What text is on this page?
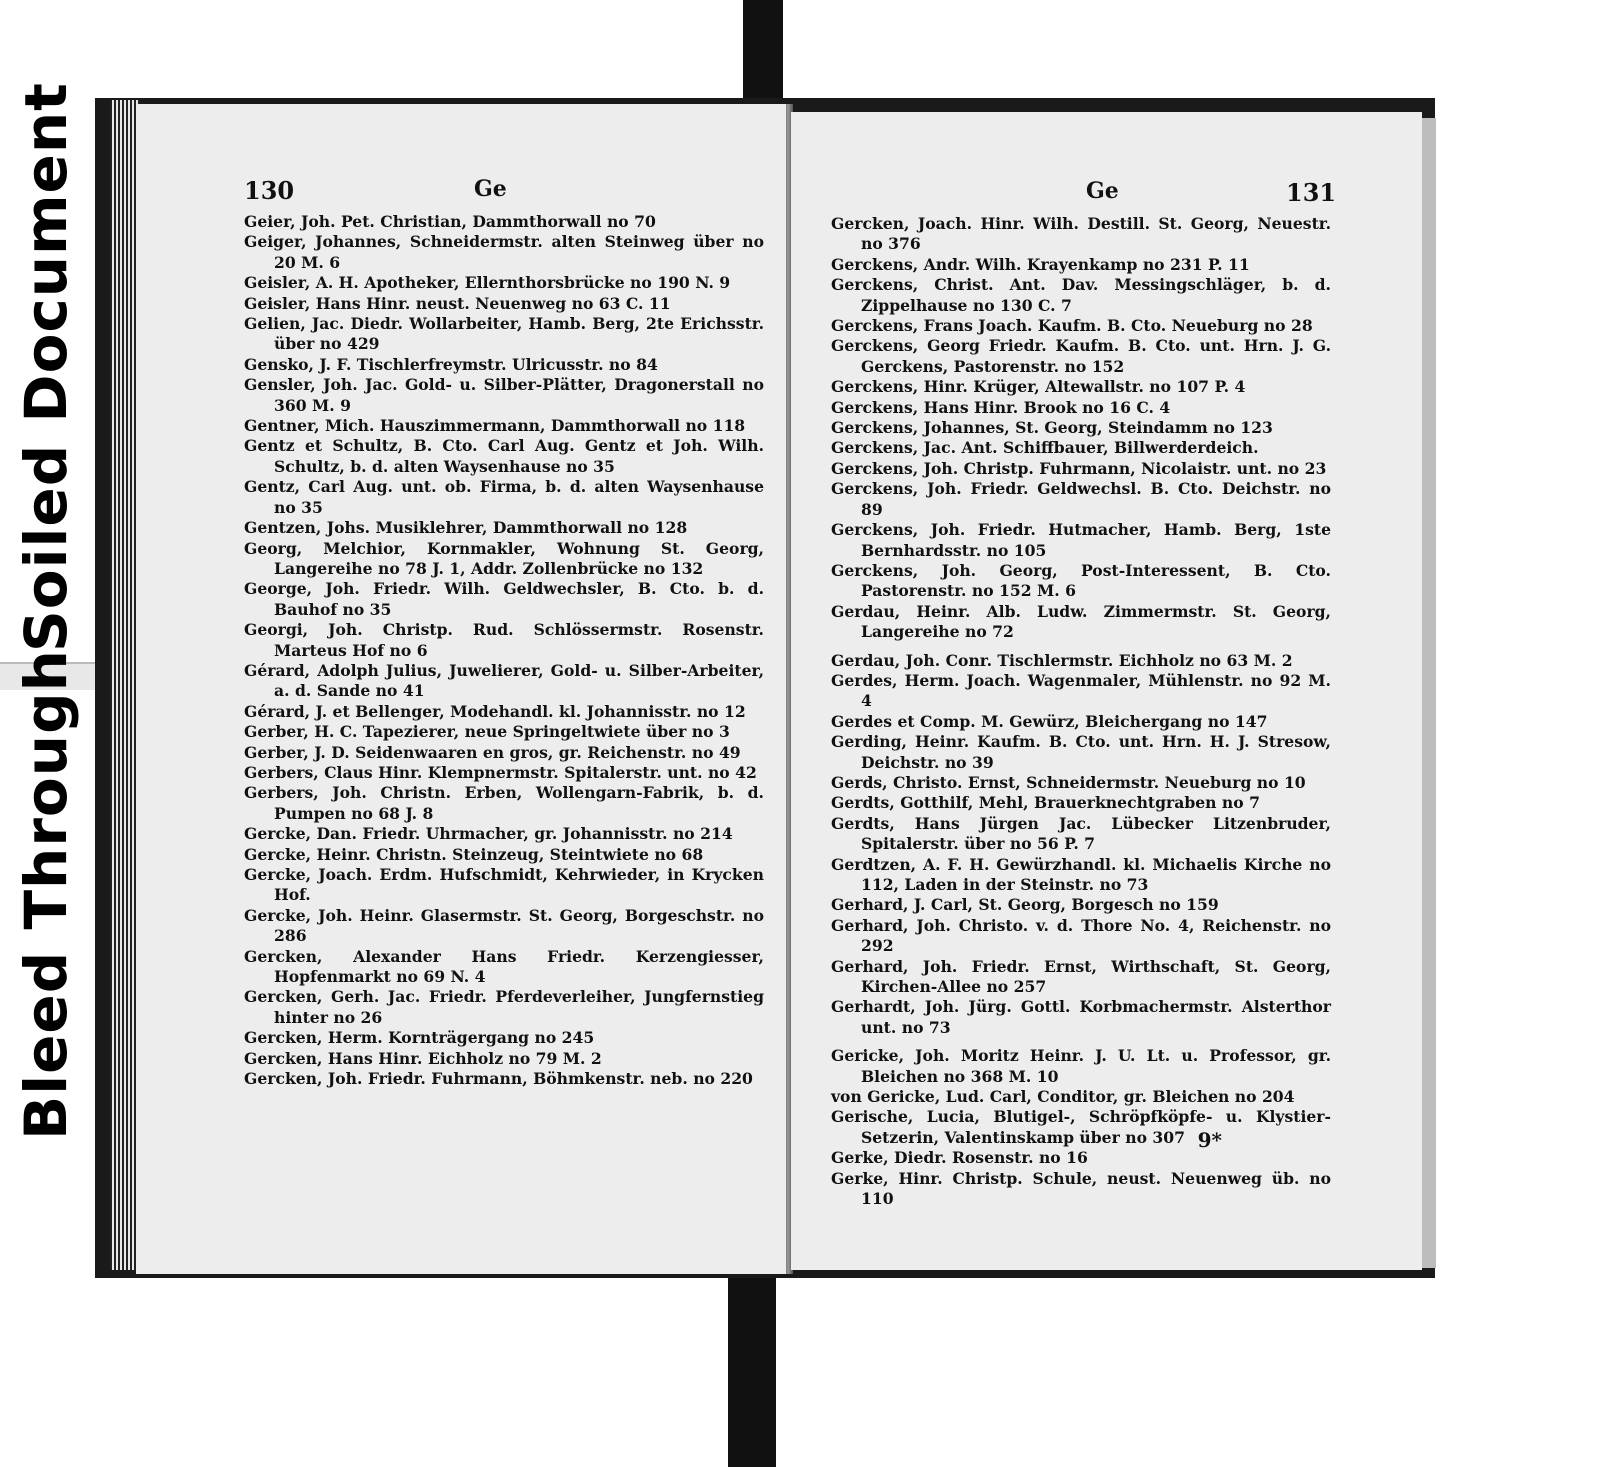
Soiled Document
Bleed Through
130	Ge
Geier, Joh. Pet. Christian, Dammthorwall no 70
Geiger, Johannes, Schneidermstr. alten Steinweg über no 20 M. 6
Geisler, A. H. Apotheker, Ellernthorsbrücke no 190 N. 9
Geisler, Hans Hinr. neust. Neuenweg no 63 C. 11
Gelien, Jac. Diedr. Wollarbeiter, Hamb. Berg, 2te Erichsstr. über no 429
Gensko, J. F. Tischlerfreymstr. Ulricusstr. no 84
Gensler, Joh. Jac. Gold- u. Silber-Plätter, Dragonerstall no 360 M. 9
Gentner, Mich. Hauszimmermann, Dammthorwall no 118
Gentz et Schultz, B. Cto. Carl Aug. Gentz et Joh. Wilh. Schultz, b. d. alten Waysenhause no 35
Gentz, Carl Aug. unt. ob. Firma, b. d. alten Waysenhause no 35
Gentzen, Johs. Musiklehrer, Dammthorwall no 128
Georg, Melchior, Kornmakler, Wohnung St. Georg, Langereihe no 78 J. 1, Addr. Zollenbrücke no 132
George, Joh. Friedr. Wilh. Geldwechsler, B. Cto. b. d. Bauhof no 35
Georgi, Joh. Christp. Rud. Schlössermstr. Rosenstr. Marteus Hof no 6
Gérard, Adolph Julius, Juwelierer, Gold- u. Silber-Arbeiter, a. d. Sande no 41
Gérard, J. et Bellenger, Modehandl. kl. Johannisstr. no 12
Gerber, H. C. Tapezierer, neue Springeltwiete über no 3
Gerber, J. D. Seidenwaaren en gros, gr. Reichenstr. no 49
Gerbers, Claus Hinr. Klempnermstr. Spitalerstr. unt. no 42
Gerbers, Joh. Christn. Erben, Wollengarn-Fabrik, b. d. Pumpen no 68 J. 8
Gercke, Dan. Friedr. Uhrmacher, gr. Johannisstr. no 214
Gercke, Heinr. Christn. Steinzeug, Steintwiete no 68
Gercke, Joach. Erdm. Hufschmidt, Kehrwieder, in Krycken Hof.
Gercke, Joh. Heinr. Glasermstr. St. Georg, Borgeschstr. no 286
Gercken, Alexander Hans Friedr. Kerzengiesser, Hopfenmarkt no 69 N. 4
Gercken, Gerh. Jac. Friedr. Pferdeverleiher, Jungfernstieg hinter no 26
Gercken, Herm. Kornträgergang no 245
Gercken, Hans Hinr. Eichholz no 79 M. 2
Gercken, Joh. Friedr. Fuhrmann, Böhmkenstr. neb. no 220
Ge	131
Gercken, Joach. Hinr. Wilh. Destill. St. Georg, Neuestr. no 376
Gerckens, Andr. Wilh. Krayenkamp no 231 P. 11
Gerckens, Christ. Ant. Dav. Messingschläger, b. d. Zippelhause no 130 C. 7
Gerckens, Frans Joach. Kaufm. B. Cto. Neueburg no 28
Gerckens, Georg Friedr. Kaufm. B. Cto. unt. Hrn. J. G. Gerckens, Pastorenstr. no 152
Gerckens, Hinr. Krüger, Altewallstr. no 107 P. 4
Gerckens, Hans Hinr. Brook no 16 C. 4
Gerckens, Johannes, St. Georg, Steindamm no 123
Gerckens, Jac. Ant. Schiffbauer, Billwerderdeich.
Gerckens, Joh. Christp. Fuhrmann, Nicolaistr. unt. no 23
Gerckens, Joh. Friedr. Geldwechsl. B. Cto. Deichstr. no 89
Gerckens, Joh. Friedr. Hutmacher, Hamb. Berg, 1ste Bernhardsstr. no 105
Gerckens, Joh. Georg, Post-Interessent, B. Cto. Pastorenstr. no 152 M. 6
Gerdau, Heinr. Alb. Ludw. Zimmermstr. St. Georg, Langereihe no 72
Gerdau, Joh. Conr. Tischlermstr. Eichholz no 63 M. 2
Gerdes, Herm. Joach. Wagenmaler, Mühlenstr. no 92 M. 4
Gerdes et Comp. M. Gewürz, Bleichergang no 147
Gerding, Heinr. Kaufm. B. Cto. unt. Hrn. H. J. Stresow, Deichstr. no 39
Gerds, Christo. Ernst, Schneidermstr. Neueburg no 10
Gerdts, Gotthilf, Mehl, Brauerknechtgraben no 7
Gerdts, Hans Jürgen Jac. Lübecker Litzenbruder, Spitalerstr. über no 56 P. 7
Gerdtzen, A. F. H. Gewürzhandl. kl. Michaelis Kirche no 112, Laden in der Steinstr. no 73
Gerhard, J. Carl, St. Georg, Borgesch no 159
Gerhard, Joh. Christo. v. d. Thore No. 4, Reichenstr. no 292
Gerhard, Joh. Friedr. Ernst, Wirthschaft, St. Georg, Kirchen-Allee no 257
Gerhardt, Joh. Jürg. Gottl. Korbmachermstr. Alsterthor unt. no 73
Gericke, Joh. Moritz Heinr. J. U. Lt. u. Professor, gr. Bleichen no 368 M. 10
von Gericke, Lud. Carl, Conditor, gr. Bleichen no 204
Gerische, Lucia, Blutigel-, Schröpfköpfe- u. Klystier-Setzerin, Valentinskamp über no 307
Gerke, Diedr. Rosenstr. no 16
Gerke, Hinr. Christp. Schule, neust. Neuenweg üb. no 110
9*
